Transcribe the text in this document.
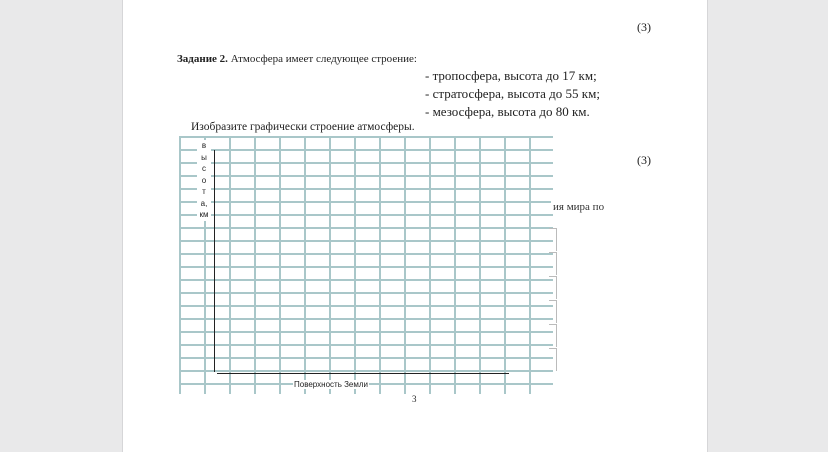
(3)
Задание 2. Атмосфера имеет следующее строение:
- тропосфера, высота до 17 км;
- стратосфера, высота до 55 км;
- мезосфера, высота до 80 км.
Изобразите графически строение атмосферы.
(3)
ия мира по
в
ы
с
о
т
а,
км
Поверхность Земли
3
